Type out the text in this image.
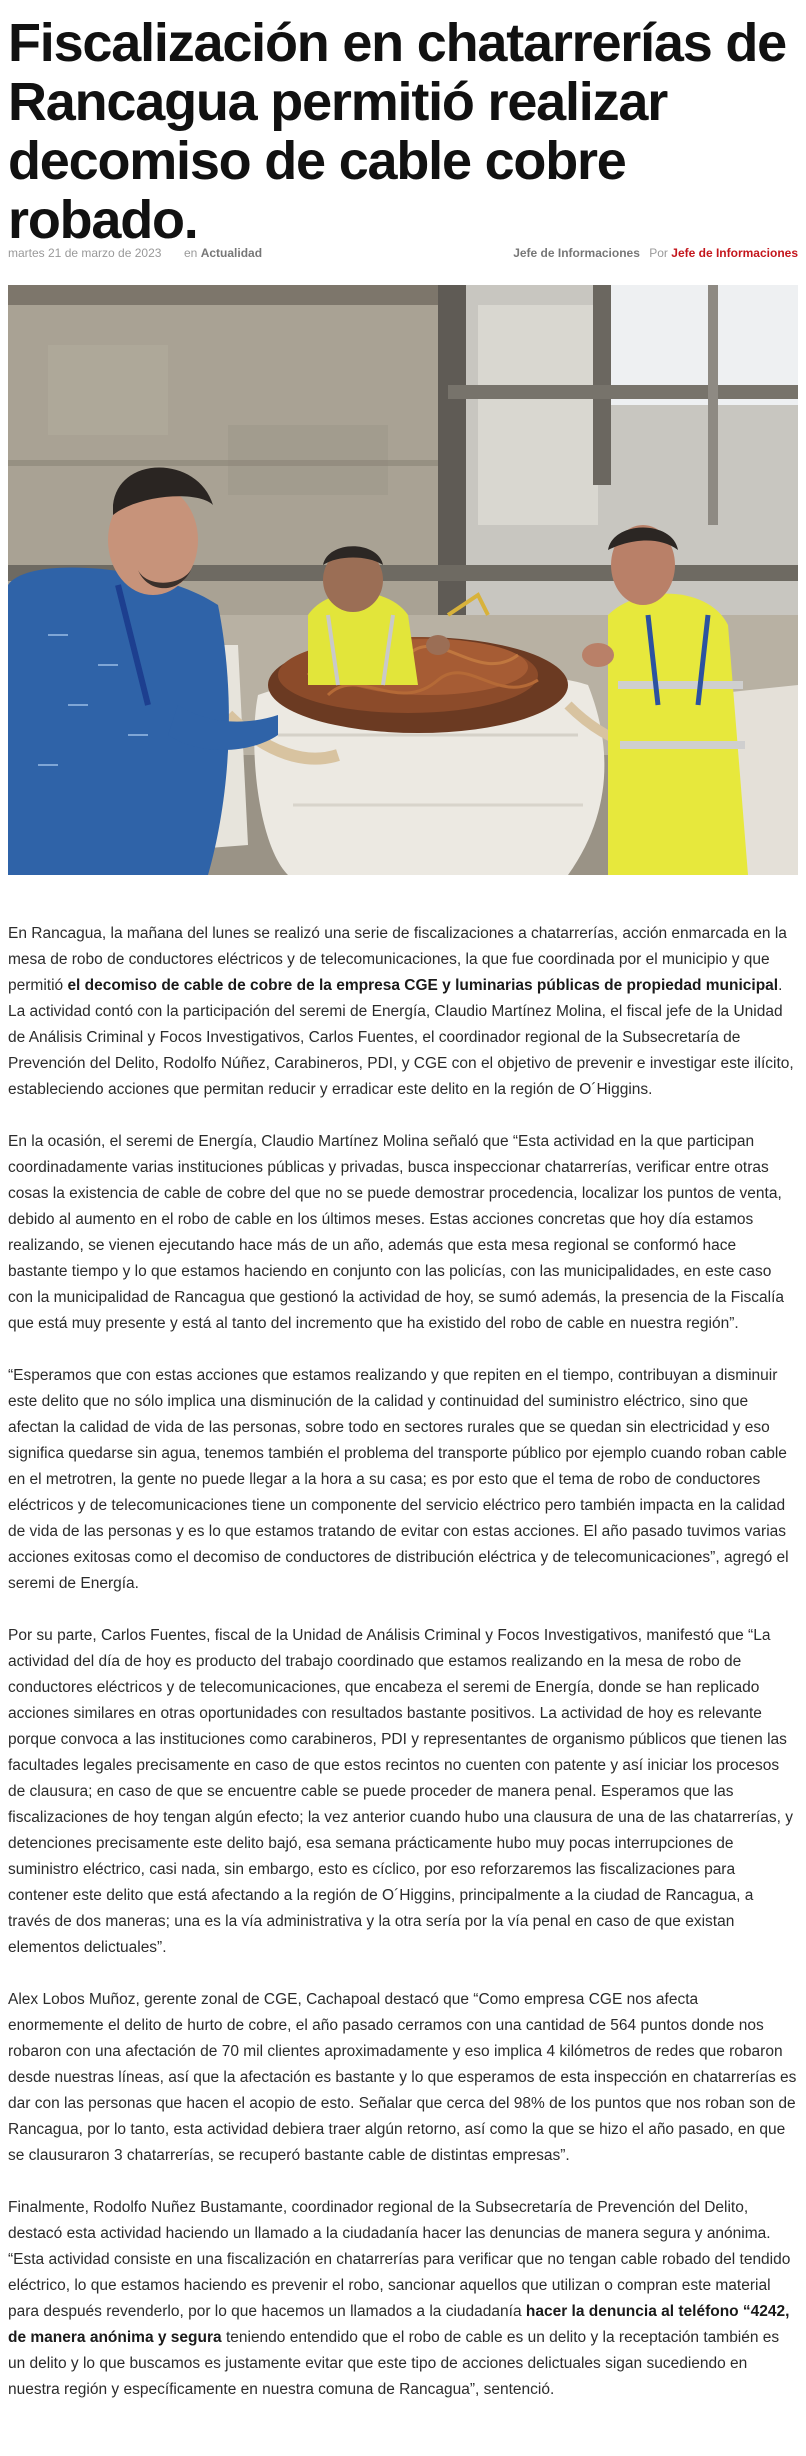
Fiscalización en chatarrerías de Rancagua permitió realizar decomiso de cable cobre robado.
martes 21 de marzo de 2023 en Actualidad	Jefe de Informaciones Por Jefe de Informaciones

En Rancagua, la mañana del lunes se realizó una serie de fiscalizaciones a chatarrerías, acción enmarcada en la mesa de robo de conductores eléctricos y de telecomunicaciones, la que fue coordinada por el municipio y que permitió el decomiso de cable de cobre de la empresa CGE y luminarias públicas de propiedad municipal. La actividad contó con la participación del seremi de Energía, Claudio Martínez Molina, el fiscal jefe de la Unidad de Análisis Criminal y Focos Investigativos, Carlos Fuentes, el coordinador regional de la Subsecretaría de Prevención del Delito, Rodolfo Núñez, Carabineros, PDI, y CGE con el objetivo de prevenir e investigar este ilícito, estableciendo acciones que permitan reducir y erradicar este delito en la región de O´Higgins.

En la ocasión, el seremi de Energía, Claudio Martínez Molina señaló que “Esta actividad en la que participan coordinadamente varias instituciones públicas y privadas, busca inspeccionar chatarrerías, verificar entre otras cosas la existencia de cable de cobre del que no se puede demostrar procedencia, localizar los puntos de venta, debido al aumento en el robo de cable en los últimos meses. Estas acciones concretas que hoy día estamos realizando, se vienen ejecutando hace más de un año, además que esta mesa regional se conformó hace bastante tiempo y lo que estamos haciendo en conjunto con las policías, con las municipalidades, en este caso con la municipalidad de Rancagua que gestionó la actividad de hoy, se sumó además, la presencia de la Fiscalía que está muy presente y está al tanto del incremento que ha existido del robo de cable en nuestra región”.

“Esperamos que con estas acciones que estamos realizando y que repiten en el tiempo, contribuyan a disminuir este delito que no sólo implica una disminución de la calidad y continuidad del suministro eléctrico, sino que afectan la calidad de vida de las personas, sobre todo en sectores rurales que se quedan sin electricidad y eso significa quedarse sin agua, tenemos también el problema del transporte público por ejemplo cuando roban cable en el metrotren, la gente no puede llegar a la hora a su casa; es por esto que el tema de robo de conductores eléctricos y de telecomunicaciones tiene un componente del servicio eléctrico pero también impacta en la calidad de vida de las personas y es lo que estamos tratando de evitar con estas acciones. El año pasado tuvimos varias acciones exitosas como el decomiso de conductores de distribución eléctrica y de telecomunicaciones”, agregó el seremi de Energía.

Por su parte, Carlos Fuentes, fiscal de la Unidad de Análisis Criminal y Focos Investigativos, manifestó que “La actividad del día de hoy es producto del trabajo coordinado que estamos realizando en la mesa de robo de conductores eléctricos y de telecomunicaciones, que encabeza el seremi de Energía, donde se han replicado acciones similares en otras oportunidades con resultados bastante positivos. La actividad de hoy es relevante porque convoca a las instituciones como carabineros, PDI y representantes de organismo públicos que tienen las facultades legales precisamente en caso de que estos recintos no cuenten con patente y así iniciar los procesos de clausura; en caso de que se encuentre cable se puede proceder de manera penal. Esperamos que las fiscalizaciones de hoy tengan algún efecto; la vez anterior cuando hubo una clausura de una de las chatarrerías, y detenciones precisamente este delito bajó, esa semana prácticamente hubo muy pocas interrupciones de suministro eléctrico, casi nada, sin embargo, esto es cíclico, por eso reforzaremos las fiscalizaciones para contener este delito que está afectando a la región de O´Higgins, principalmente a la ciudad de Rancagua, a través de dos maneras; una es la vía administrativa y la otra sería por la vía penal en caso de que existan elementos delictuales”.

Alex Lobos Muñoz, gerente zonal de CGE, Cachapoal destacó que “Como empresa CGE nos afecta enormemente el delito de hurto de cobre, el año pasado cerramos con una cantidad de 564 puntos donde nos robaron con una afectación de 70 mil clientes aproximadamente y eso implica 4 kilómetros de redes que robaron desde nuestras líneas, así que la afectación es bastante y lo que esperamos de esta inspección en chatarrerías es dar con las personas que hacen el acopio de esto. Señalar que cerca del 98% de los puntos que nos roban son de Rancagua, por lo tanto, esta actividad debiera traer algún retorno, así como la que se hizo el año pasado, en que se clausuraron 3 chatarrerías, se recuperó bastante cable de distintas empresas”.

Finalmente, Rodolfo Nuñez Bustamante, coordinador regional de la Subsecretaría de Prevención del Delito, destacó esta actividad haciendo un llamado a la ciudadanía hacer las denuncias de manera segura y anónima. “Esta actividad consiste en una fiscalización en chatarrerías para verificar que no tengan cable robado del tendido eléctrico, lo que estamos haciendo es prevenir el robo, sancionar aquellos que utilizan o compran este material para después revenderlo, por lo que hacemos un llamados a la ciudadanía hacer la denuncia al teléfono “4242, de manera anónima y segura teniendo entendido que el robo de cable es un delito y la receptación también es un delito y lo que buscamos es justamente evitar que este tipo de acciones delictuales sigan sucediendo en nuestra región y específicamente en nuestra comuna de Rancagua”, sentenció.
